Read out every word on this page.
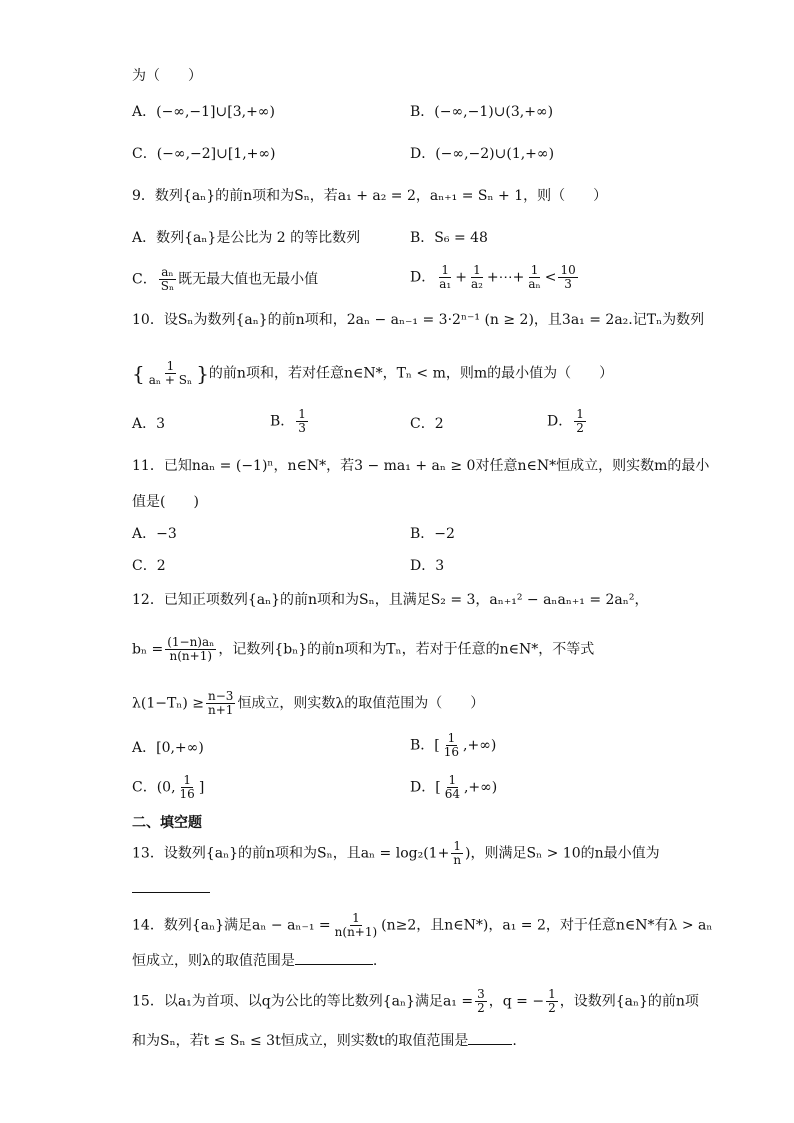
为（　　）
A．(−∞,−1]∪[3,+∞)	B．(−∞,−1)∪(3,+∞)
C．(−∞,−2]∪[1,+∞)	D．(−∞,−2)∪(1,+∞)
9．数列{aₙ}的前n项和为Sₙ，若a₁ + a₂ = 2，aₙ₊₁ = Sₙ + 1，则（　　）
A．数列{aₙ}是公比为 2 的等比数列	B．S₆ = 48
C． $\frac{\text{aₙ}}{\text{Sₙ}}$ 既无最大值也无最小值	D． $\frac{1}{\text{a₁}} + \frac{1}{\text{a₂}}$ +⋯+ $\frac{1}{\text{aₙ}} < \frac{10}{3}$
10．设Sₙ为数列{aₙ}的前n项和，2aₙ − aₙ₋₁ = 3·2ⁿ⁻¹ (n ≥ 2)，且3a₁ = 2a₂.记Tₙ为数列
{ $\frac{1}{\text{aₙ + Sₙ}}$ }的前n项和，若对任意n∈N*，Tₙ < m，则m的最小值为（　　）
A．3	B． $\frac{1}{3}$	C．2	D． $\frac{1}{2}$
11．已知naₙ = (−1)ⁿ，n∈N*，若3 − ma₁ + aₙ ≥ 0对任意n∈N*恒成立，则实数m的最小
值是(　　)
A．−3	B．−2
C．2	D．3
12．已知正项数列{aₙ}的前n项和为Sₙ，且满足S₂ = 3，aₙ₊₁² − aₙaₙ₊₁ = 2aₙ²，
$b_n = \frac{\text{(1−n)aₙ}}{n(n+1)}$ ，记数列{bₙ}的前n项和为Tₙ，若对于任意的n∈N*，不等式
$\lambda(1-T_n) \ge \frac{n-3}{n+1}$ 恒成立，则实数λ的取值范围为（　　）
A．[0,+∞)	B．[ $\frac{1}{16}$ ,+∞)
C．(0, $\frac{1}{16}$ ]	D．[ $\frac{1}{64}$ ,+∞)
二、填空题
13．设数列{aₙ}的前n项和为Sₙ，且$a_n = \log_2(1+ \frac{1}{n}$ )，则满足Sₙ > 10的n最小值为
14．数列{aₙ}满足$a_n - a_{n-1} = \frac{1}{n(n+1)} (n\ge 2$，且n∈N*)，a₁ = 2，对于任意n∈N*有λ > aₙ
恒成立，则λ的取值范围是	.
15．以a₁为首项、以q为公比的等比数列{aₙ}满足$a_1 = \frac{3}{2}$ ，q = − $\frac{1}{2}$ ，设数列{aₙ}的前n项
和为Sₙ，若t ≤ Sₙ ≤ 3t恒成立，则实数t的取值范围是	.
